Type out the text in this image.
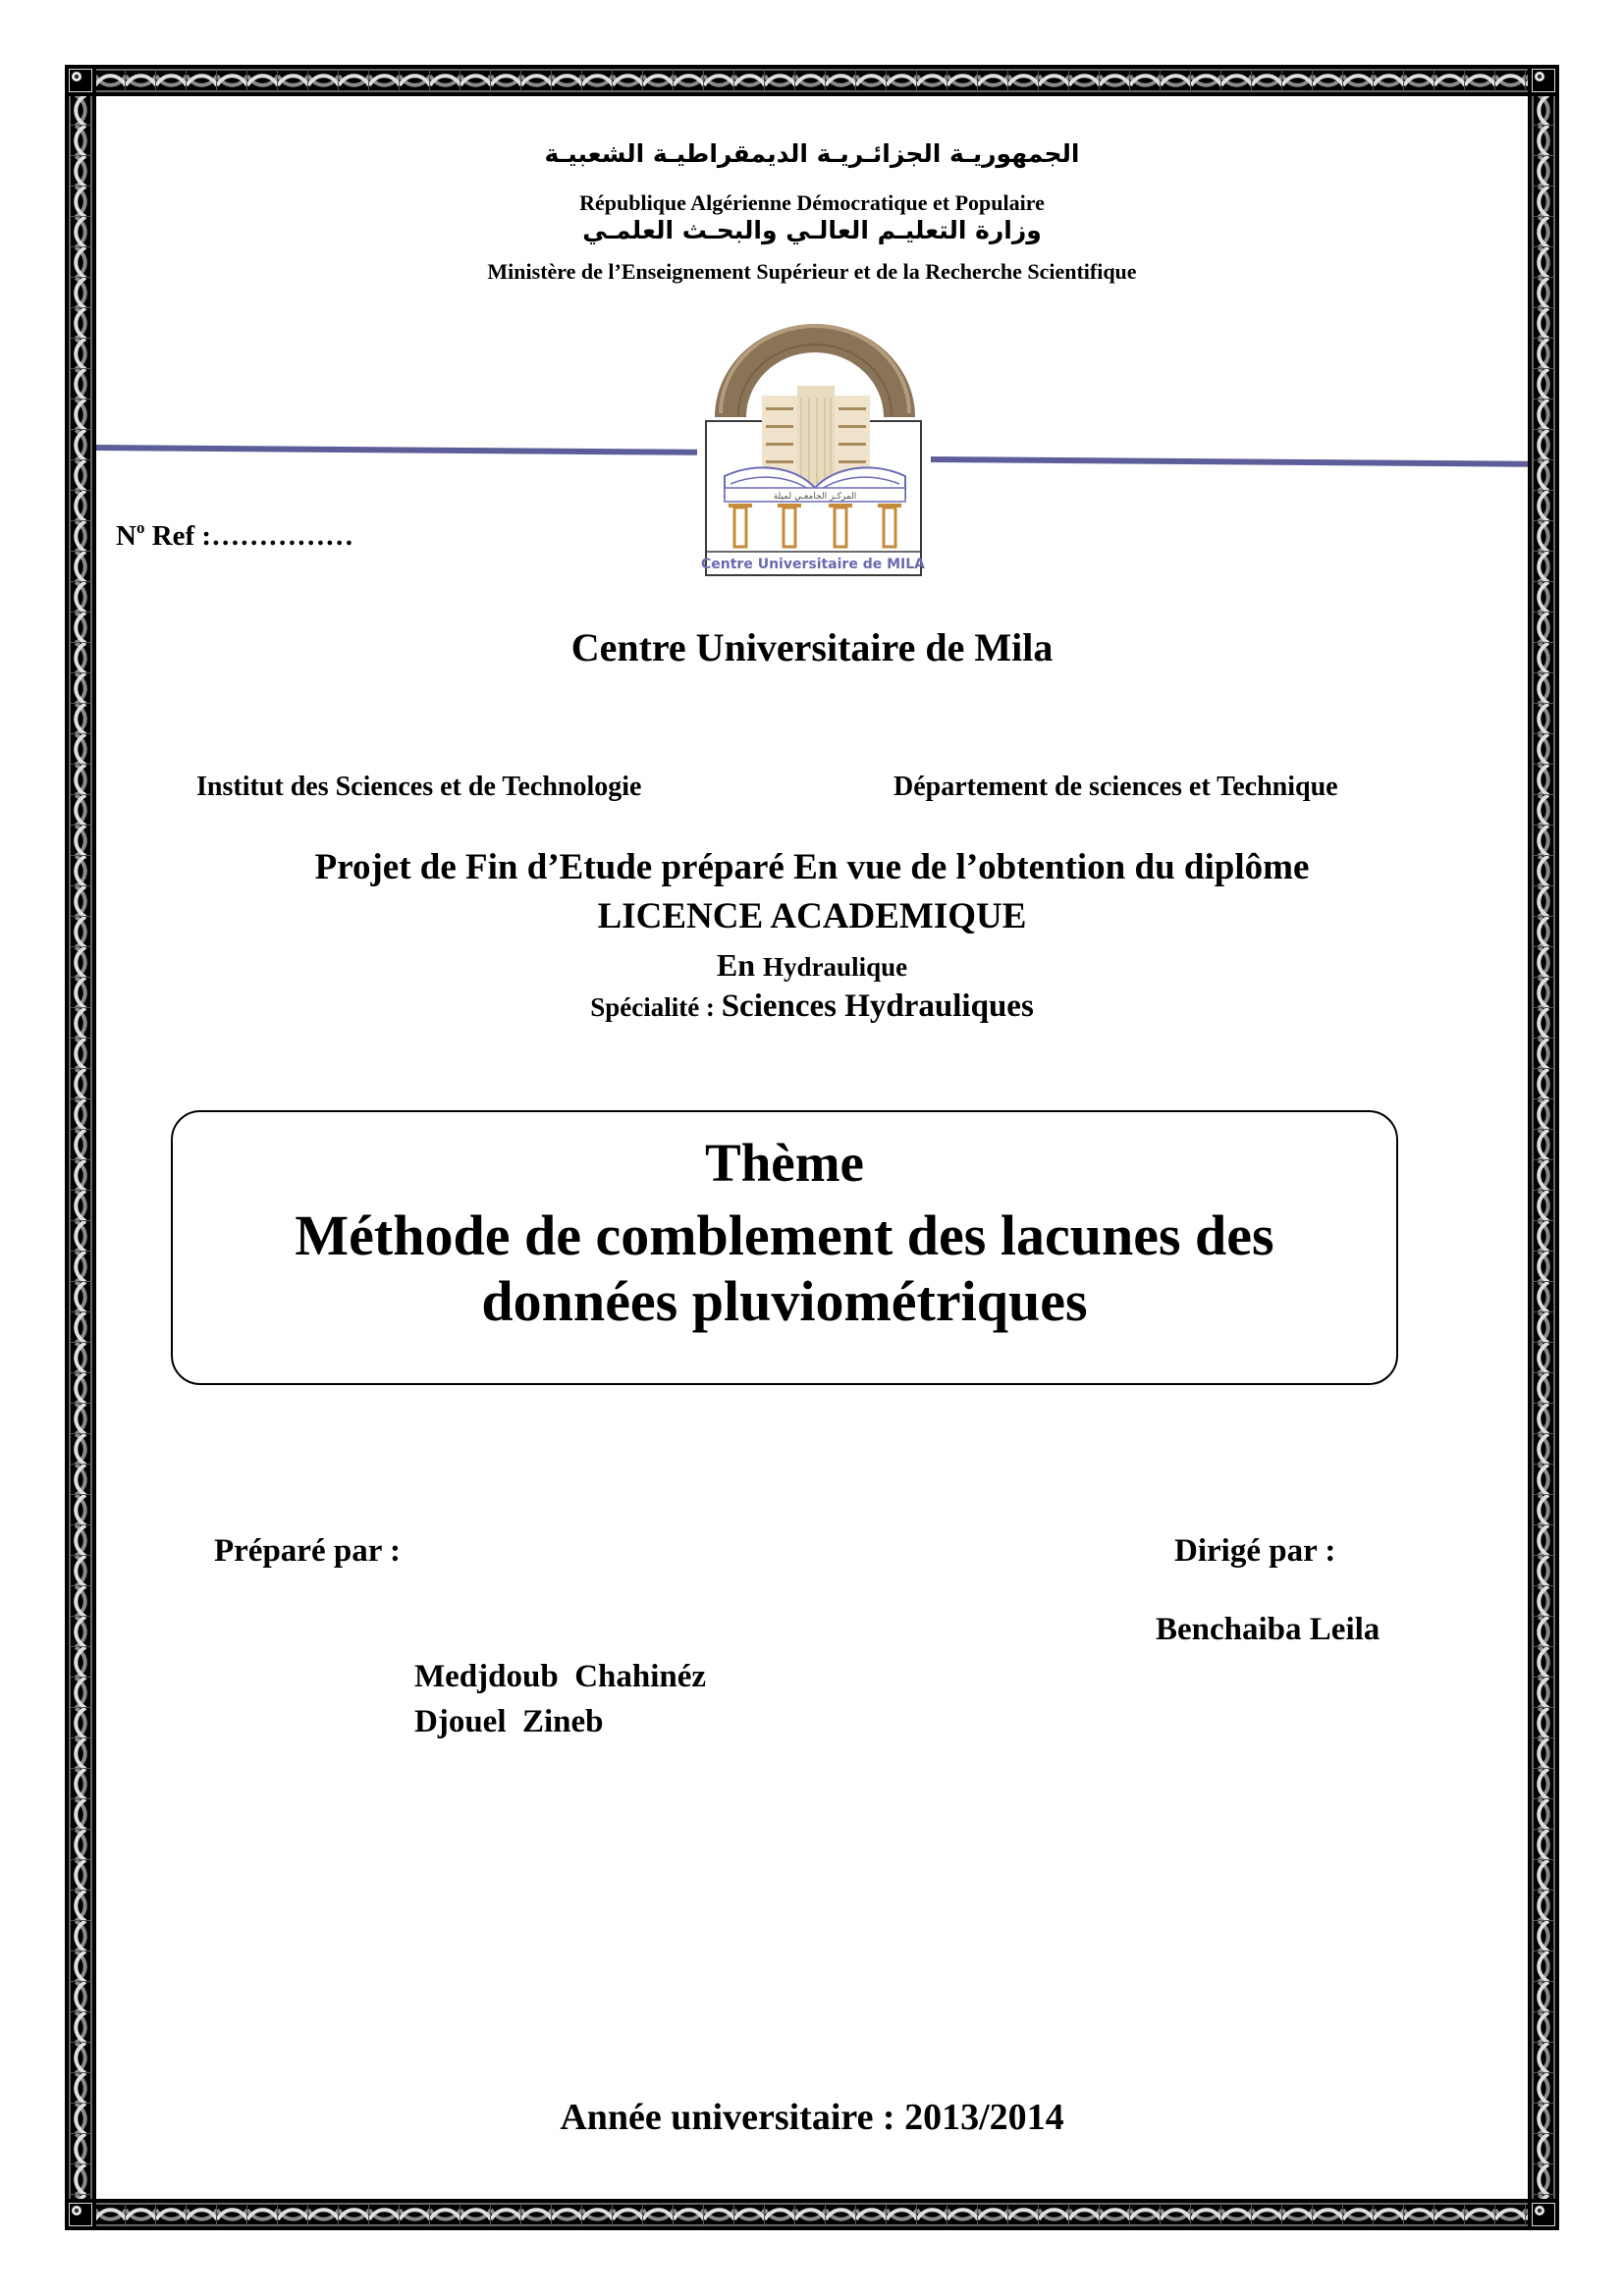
الجمهوريـة الجزائـريـة الديمقراطيـة الشعبيـة
République Algérienne Démocratique et Populaire
وزارة التعليـم العالـي والبحـث العلمـي
Ministère de l’Enseignement Supérieur et de la Recherche Scientifique
المركـز الجامعـي لميلة
Centre Universitaire de MILA
$N^o$ Ref :……………
Centre Universitaire de Mila
Institut des Sciences et de Technologie	Département de sciences et Technique
Projet de Fin d’Etude préparé En vue de l’obtention du diplôme
LICENCE ACADEMIQUE
En Hydraulique
Spécialité : Sciences Hydrauliques
Thème
Méthode de comblement des lacunes des
données pluviométriques
Préparé par :	Dirigé par :
Benchaiba Leila
Medjdoub  Chahinéz
Djouel  Zineb
Année universitaire : 2013/2014
